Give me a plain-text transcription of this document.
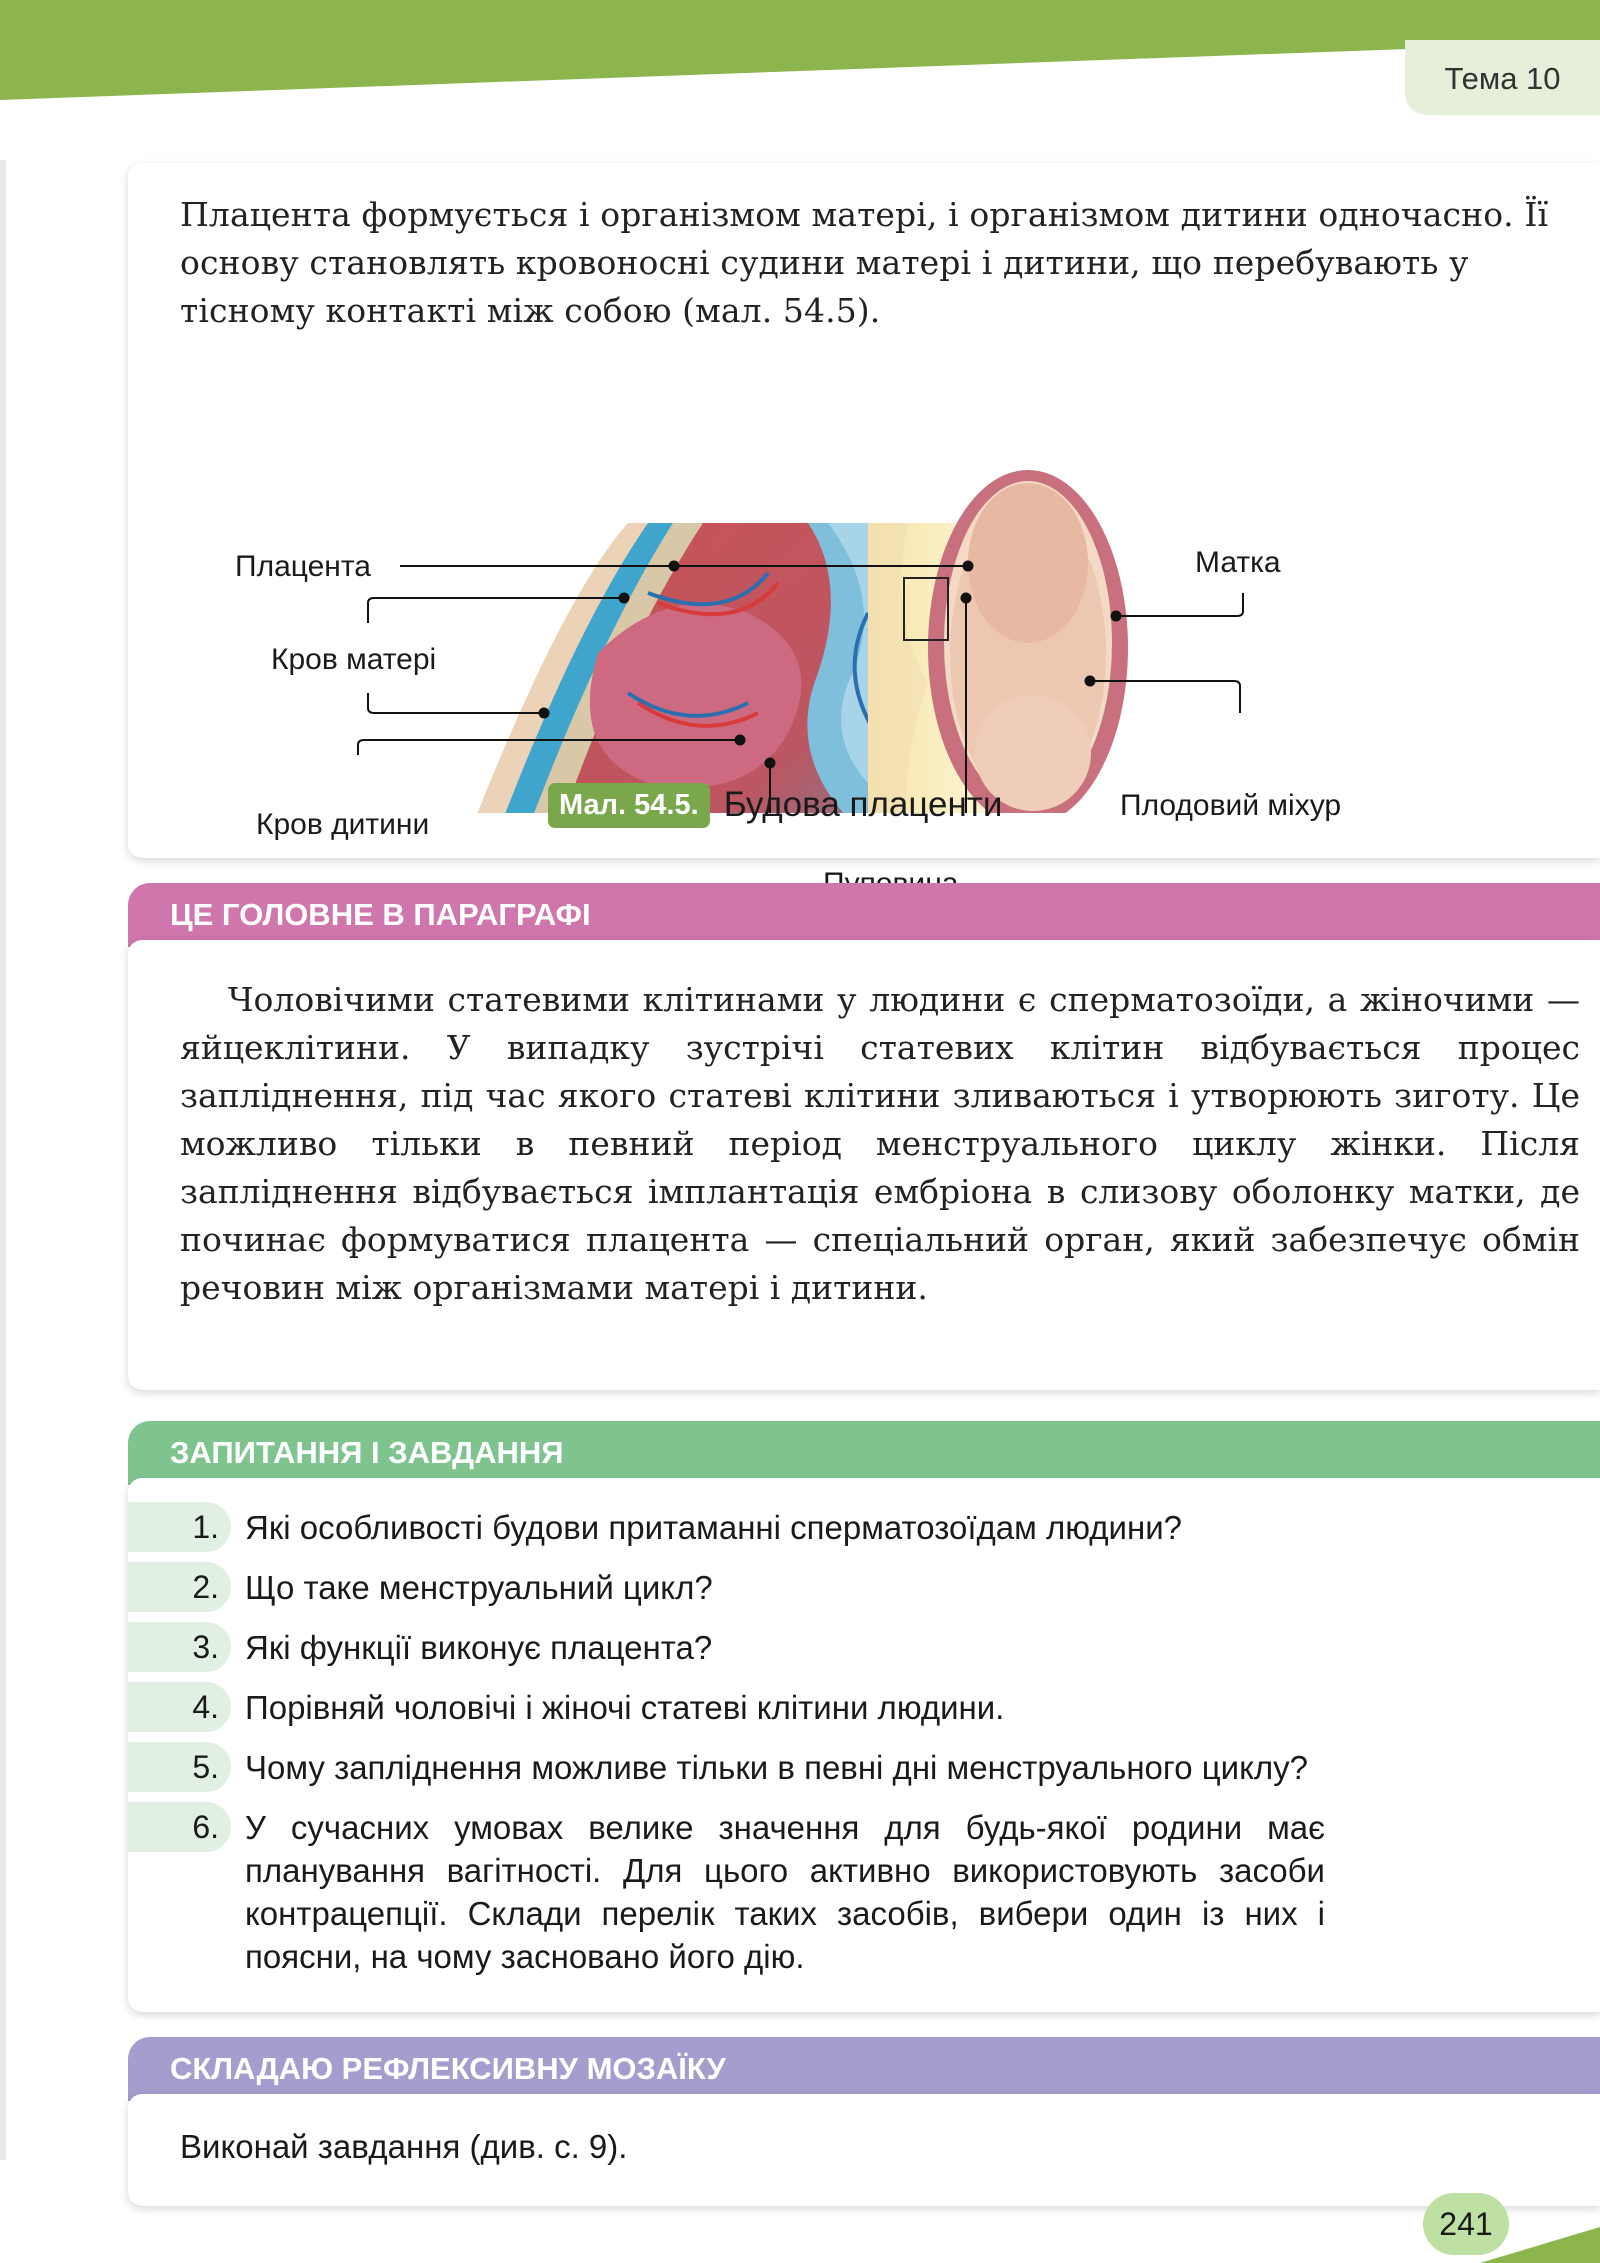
Тема 10
Плацента формується і організмом матері, і організмом дитини одночасно. Її основу становлять кровоносні судини матері і дитини, що перебувають у тісному контакті між собою (мал. 54.5).
Плацента
Кров матері
Кров дитини
Матка
Плодовий міхур
Мал. 54.5. Будова плаценти
ЦЕ ГОЛОВНЕ В ПАРАГРАФІ
Чоловічими статевими клітинами у людини є сперматозоїди, а жіночими — яйцеклітини. У випадку зустрічі статевих клітин відбувається процес запліднення, під час якого статеві клітини зливаються і утворюють зиготу. Це можливо тільки в певний період менструального циклу жінки. Після запліднення відбувається імплантація ембріона в слизову оболонку матки, де починає формуватися плацента — спеціальний орган, який забезпечує обмін речовин між організмами матері і дитини.
ЗАПИТАННЯ І ЗАВДАННЯ
1. Які особливості будови притаманні сперматозоїдам людини?
2. Що таке менструальний цикл?
3. Які функції виконує плацента?
4. Порівняй чоловічі і жіночі статеві клітини людини.
5. Чому запліднення можливе тільки в певні дні менструального циклу?
6. У сучасних умовах велике значення для будь-якої родини має планування вагітності. Для цього активно використовують засоби контрацепції. Склади перелік таких засобів, вибери один із них і поясни, на чому засновано його дію.
СКЛАДАЮ РЕФЛЕКСИВНУ МОЗАЇКУ
Виконай завдання (див. с. 9).
241
